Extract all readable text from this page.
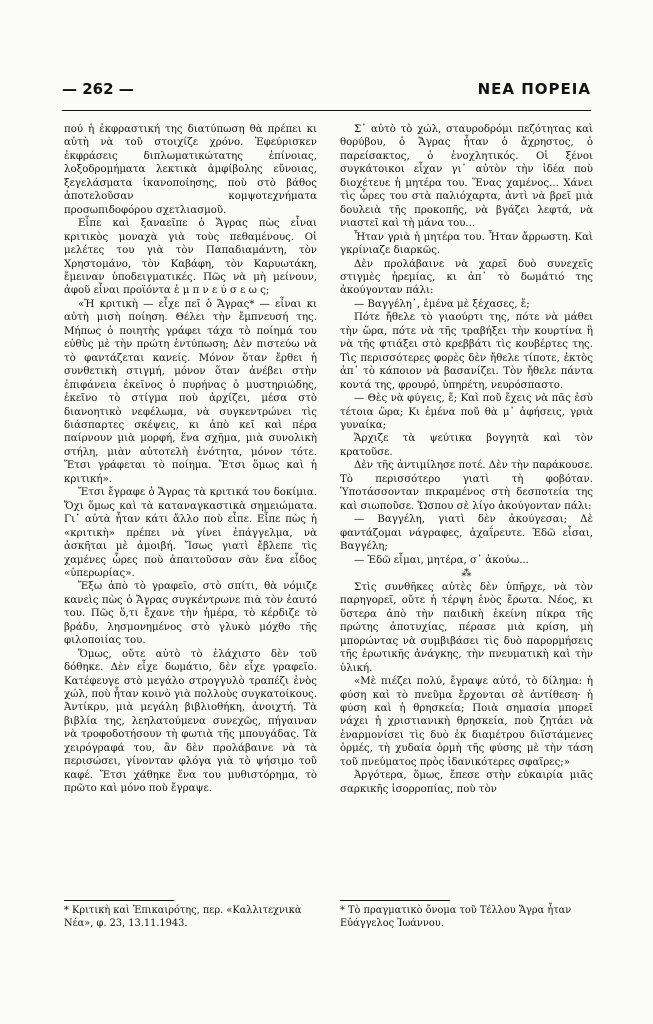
— 262 —	ΝΕΑ ΠΟΡΕΙΑ

πού ἡ ἐκφραστική της διατύπωση θὰ πρέπει κι αὐτὴ νὰ τοῦ στοιχίζε χρόνο. Ἐφεύρισκεν ἐκφράσεις διπλωματικώτατης ἐπίνοιας, λοξοδρομήματα λεκτικὰ ἀμφίβολης εὔνοιας, ξεγελάσματα ἱκανοποίησης, ποὺ στὸ βάθος ἀποτελοῦσαν κομψοτεχνήματα προσωπιδοφόρου σχετλιασμοῦ.

Εἶπε καὶ ξαναεῖπε ὁ Ἄγρας πὼς εἶναι κριτικὸς μοναχὰ γιὰ τοὺς πεθαμένους. Οἱ μελέτες του γιὰ τὸν Παπαδιαμάντη, τὸν Χρηστομάνο, τὸν Καβάφη, τὸν Καρυωτάκη, ἔμειναν ὑποδειγματικές. Πῶς νὰ μὴ μείνουν, ἀφοῦ εἶναι προϊόντα ἐ μ π ν ε ύ σ ε ω ς;

«Ἡ κριτικὴ — εἶχε πεῖ ὁ Ἄγρας* — εἶναι κι αὐτὴ μισὴ ποίηση. Θέλει τὴν ἔμπνευσή της. Μήπως ὁ ποιητὴς γράφει τάχα τὸ ποίημά του εὐθὺς μὲ τὴν πρώτη ἐντύπωση; Δὲν πιστεύω νὰ τὸ φαντάζεται κανείς. Μόνον ὅταν ἔρθει ἡ συνθετικὴ στιγμή, μόνον ὅταν ἀνέβει στὴν ἐπιφάνεια ἐκεῖνος ὁ πυρήνας ὁ μυστηριώδης, ἐκεῖνο τὸ στίγμα ποὺ ἀρχίζει, μέσα στὸ διανοητικὸ νεφέλωμα, νὰ συγκεντρώνει τὶς διάσπαρτες σκέψεις, κι ἀπὸ κεῖ καὶ πέρα παίρνουν μιὰ μορφή, ἕνα σχῆμα, μιὰ συνολικὴ στήλη, μιὰν αὐτοτελὴ ἑνότητα, μόνον τότε. Ἔτσι γράφεται τὸ ποίημα. Ἔτσι ὅμως καὶ ἡ κριτική».

Ἔτσι ἔγραφε ὁ Ἄγρας τὰ κριτικά του δοκίμια. Ὄχι ὅμως καὶ τὰ καταναγκαστικὰ σημειώματα. Γι᾿ αὐτὰ ἦταν κάτι ἄλλο ποὺ εἶπε. Εἶπε πὼς ἡ «κριτικὴ» πρέπει νὰ γίνει ἐπάγγελμα, νὰ ἀσκῆται μὲ ἀμοιβή. Ἴσως γιατὶ ἔβλεπε τὶς χαμένες ὧρες ποὺ ἀπαιτοῦσαν σὰν ἕνα εἶδος «ὑπερωρίας».

Ἔξω ἀπὸ τὸ γραφεῖο, στὸ σπίτι, θὰ νόμιζε κανεὶς πὼς ὁ Ἄγρας συγκέντρωνε πιὰ τὸν ἑαυτό του. Πῶς ὅ,τι ἔχανε τὴν ἡμέρα, τὸ κέρδιζε τὸ βράδυ, λησμονημένος στὸ γλυκὸ μόχθο τῆς φιλοποιίας του.

Ὅμως, οὔτε αὐτὸ τὸ ἐλάχιστο δὲν τοῦ δόθηκε. Δὲν εἶχε δωμάτιο, δὲν εἶχε γραφεῖο. Κατέφευγε στὸ μεγάλο στρογγυλὸ τραπέζι ἑνὸς χώλ, ποὺ ἦταν κοινὸ γιὰ πολλοὺς συγκατοίκους. Ἀντίκρυ, μιὰ μεγάλη βιβλιοθήκη, ἀνοιχτή. Τὰ βιβλία της, λεηλατούμενα συνεχῶς, πήγαιναν νὰ τροφοδοτήσουν τὴ φωτιὰ τῆς μπουγάδας. Τὰ χειρόγραφά του, ἂν δὲν προλάβαινε νὰ τὰ περισώσει, γίνονταν φλόγα γιὰ τὸ ψήσιμο τοῦ καφέ. Ἔτσι χάθηκε ἕνα του μυθιστόρημα, τὸ πρῶτο καὶ μόνο ποὺ ἔγραψε.

Σ᾿ αὐτὸ τὸ χώλ, σταυροδρόμι πεζότητας καὶ θορύβου, ὁ Ἄγρας ἦταν ὁ ἄχρηστος, ὁ παρείσακτος, ὁ ἐνοχλητικός. Οἱ ξένοι συγκάτοικοι εἶχαν γι᾿ αὐτὸν τὴν ἰδέα ποὺ διοχέτευε ἡ μητέρα του. Ἕνας χαμένος... Χάνει τὶς ὧρες του στὰ παλιόχαρτα, ἀντὶ νὰ βρεῖ μιὰ δουλειὰ τῆς προκοπῆς, νὰ βγάζει λεφτά, νὰ νιαστεῖ καὶ τὴ μάνα του...

Ἦταν γριὰ ἡ μητέρα του. Ἦταν ἄρρωστη. Καὶ γκρίνιαζε διαρκῶς.

Δὲν προλάβαινε νὰ χαρεῖ δυὸ συνεχεῖς στιγμὲς ἠρεμίας, κι ἀπ᾿ τὸ δωμάτιό της ἀκούγονταν πάλι:

— Βαγγέλη᾿, ἐμένα μὲ ξέχασες, ἔ;

Πότε ἤθελε τὸ γιαούρτι της, πότε νὰ μάθει τὴν ὥρα, πότε νὰ τῆς τραβήξει τὴν κουρτίνα ἢ νὰ τῆς φτιάξει στὸ κρεββάτι τὶς κουβέρτες της. Τὶς περισσότερες φορὲς δὲν ἤθελε τίποτε, ἐκτὸς ἀπ᾿ τὸ κάποιον νὰ βασανίζει. Τὸν ἤθελε πάντα κοντά της, φρουρό, ὑπηρέτη, νευρόσπαστο.

— Θὲς νὰ φύγεις, ἔ; Καὶ ποῦ ἔχεις νὰ πᾶς ἐσὺ τέτοια ὥρα; Κι ἐμένα ποῦ θὰ μ᾿ ἀφήσεις, γριὰ γυναίκα;

Ἄρχιζε τὰ ψεύτικα βογγητὰ καὶ τὸν κρατοῦσε.

Δὲν τῆς ἀντιμίλησε ποτέ. Δὲν τὴν παράκουσε. Τὸ περισσότερο γιατὶ τὴ φοβόταν. Ὑποτάσσονταν πικραμένος στὴ δεσποτεία της καὶ σιωποῦσε. Ὥσπου σὲ λίγο ἀκούγονταν πάλι:

— Βαγγέλη, γιατὶ δὲν ἀκούγεσαι; Δὲ φαντάζομαι νάγραφες, ἀχαΐρευτε. Ἐδῶ εἶσαι, Βαγγέλη;

— Ἐδῶ εἶμαι, μητέρα, σ᾿ ἀκούω...

⁂

Στὶς συνθῆκες αὐτὲς δὲν ὑπῆρχε, νὰ τὸν παρηγορεῖ, οὔτε ἡ τέρψη ἑνὸς ἔρωτα. Νέος, κι ὕστερα ἀπὸ τὴν παιδικὴ ἐκείνη πίκρα τῆς πρώτης ἀποτυχίας, πέρασε μιὰ κρίση, μὴ μπορώντας νὰ συμβιβάσει τὶς δυὸ παρορμήσεις τῆς ἐρωτικῆς ἀνάγκης, τὴν πνευματικὴ καὶ τὴν ὑλική.

«Μὲ πιέζει πολύ, ἔγραψε αὐτό, τὸ δίλημα: ἡ φύση καὶ τὸ πνεῦμα ἔρχονται σὲ ἀντίθεση· ἡ φύση καὶ ἡ θρησκεία; Ποιὰ σημασία μπορεῖ νάχει ἡ χριστιανικὴ θρησκεία, ποὺ ζητάει νὰ ἐναρμονίσει τὶς δυὸ ἐκ διαμέτρου διϊστάμενες ὁρμές, τὴ χυδαία ὁρμὴ τῆς φύσης μὲ τὴν τάση τοῦ πνεύματος πρὸς ἰδανικότερες σφαῖρες;»

Ἀργότερα, ὅμως, ἔπεσε στὴν εὐκαιρία μιᾶς σαρκικῆς ἰσορροπίας, ποὺ τὸν

* Κριτικὴ καὶ Ἐπικαιρότης, περ. «Καλλιτεχνικὰ Νέα», φ. 23, 13.11.1943.

* Τὸ πραγματικὸ ὄνομα τοῦ Τέλλου Ἄγρα ἦταν Εὐάγγελος Ἰωάννου.
